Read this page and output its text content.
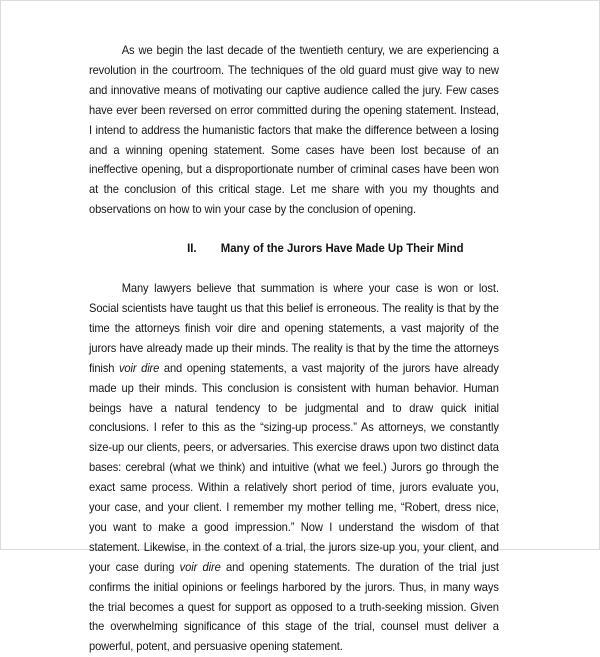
As we begin the last decade of the twentieth century, we are experiencing a revolution in the courtroom. The techniques of the old guard must give way to new and innovative means of motivating our captive audience called the jury. Few cases have ever been reversed on error committed during the opening statement. Instead, I intend to address the humanistic factors that make the difference between a losing and a winning opening statement. Some cases have been lost because of an ineffective opening, but a disproportionate number of criminal cases have been won at the conclusion of this critical stage. Let me share with you my thoughts and observations on how to win your case by the conclusion of opening.

II. Many of the Jurors Have Made Up Their Mind

Many lawyers believe that summation is where your case is won or lost. Social scientists have taught us that this belief is erroneous. The reality is that by the time the attorneys finish voir dire and opening statements, a vast majority of the jurors have already made up their minds. The reality is that by the time the attorneys finish voir dire and opening statements, a vast majority of the jurors have already made up their minds. This conclusion is consistent with human behavior. Human beings have a natural tendency to be judgmental and to draw quick initial conclusions. I refer to this as the “sizing-up process.” As attorneys, we constantly size-up our clients, peers, or adversaries. This exercise draws upon two distinct data bases: cerebral (what we think) and intuitive (what we feel.) Jurors go through the exact same process. Within a relatively short period of time, jurors evaluate you, your case, and your client. I remember my mother telling me, “Robert, dress nice, you want to make a good impression.” Now I understand the wisdom of that statement. Likewise, in the context of a trial, the jurors size-up you, your client, and your case during voir dire and opening statements. The duration of the trial just confirms the initial opinions or feelings harbored by the jurors. Thus, in many ways the trial becomes a quest for support as opposed to a truth-seeking mission. Given the overwhelming significance of this stage of the trial, counsel must deliver a powerful, potent, and persuasive opening statement.
